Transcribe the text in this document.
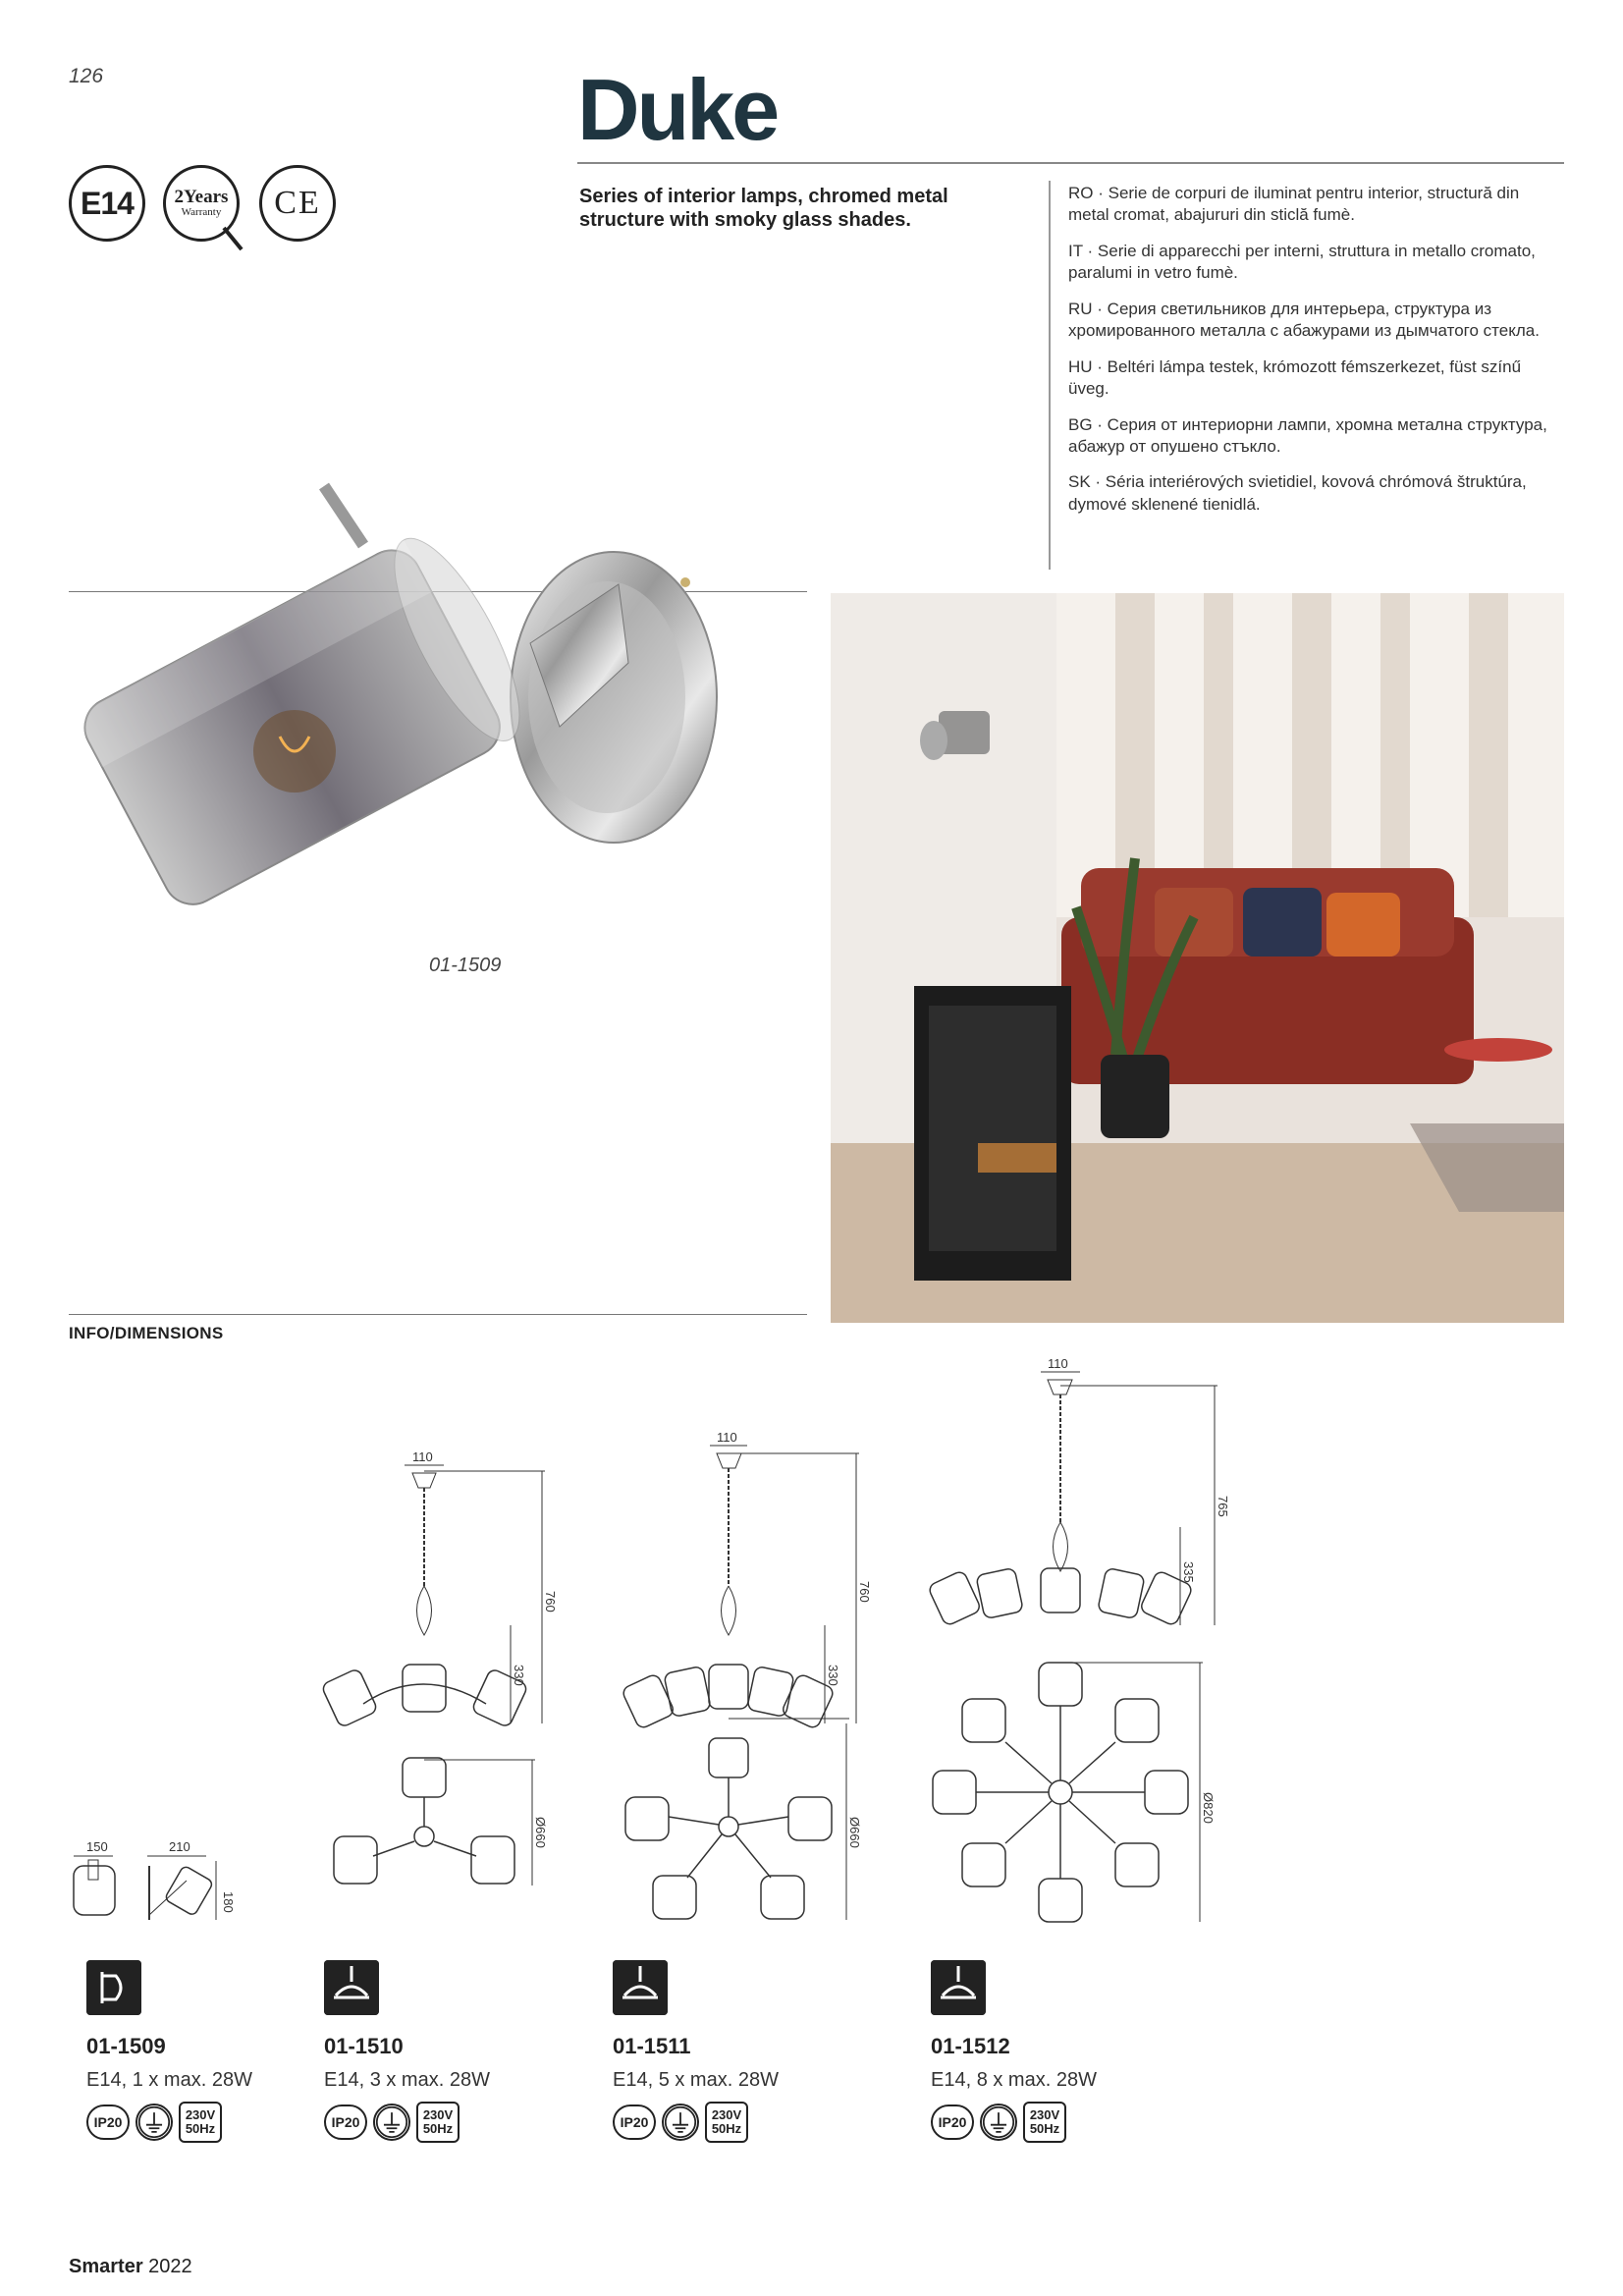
126	Duke
E14 2Years
Warranty CE	Series of interior lamps, chromed metal structure with smoky glass shades.
RO · Serie de corpuri de iluminat pentru interior, structură din metal cromat, abajururi din sticlă fumè.
IT · Serie di apparecchi per interni, struttura in metallo cromato, paralumi in vetro fumè.
RU · Серия светильников для интерьера, структура из хромированного металла с абажурами из дымчатого стекла.
HU · Beltéri lámpa testek, krómozott fémszerkezet, füst színű üveg.
BG · Серия от интериорни лампи, хромна метална структура, абажур от опушено стъкло.
SK · Séria interiérových svietidiel, kovová chrómová štruktúra, dymové sklenené tienidlá.
01-1509
INFO/DIMENSIONS
150	210
180
110
760
330
Ø660
110
760
330
Ø660
110
765
335
Ø820
01-1509
E14, 1 x max. 28W
IP20	230V
50Hz
01-1510
E14, 3 x max. 28W
IP20	230V
50Hz
01-1511
E14, 5 x max. 28W
IP20	230V
50Hz
01-1512
E14, 8 x max. 28W
IP20	230V
50Hz
Smarter 2022
